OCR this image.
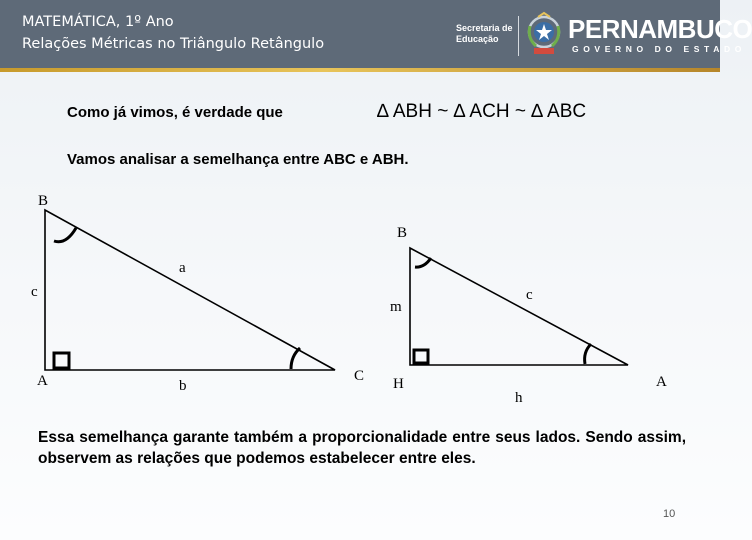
MATEMÁTICA, 1º Ano
Relações Métricas no Triângulo Retângulo
Secretaria de
Educação	PERNAMBUCO
GOVERNO DO ESTADO
Como já vimos, é verdade que	∆ ABH ~ ∆ ACH ~ ∆ ABC
Vamos analisar a semelhança entre ABC e ABH.
B
A	C
a
b
c
B
H	A
c
m
h
Essa semelhança garante também a proporcionalidade entre seus lados. Sendo assim, observem as relações que podemos estabelecer entre eles.
10
